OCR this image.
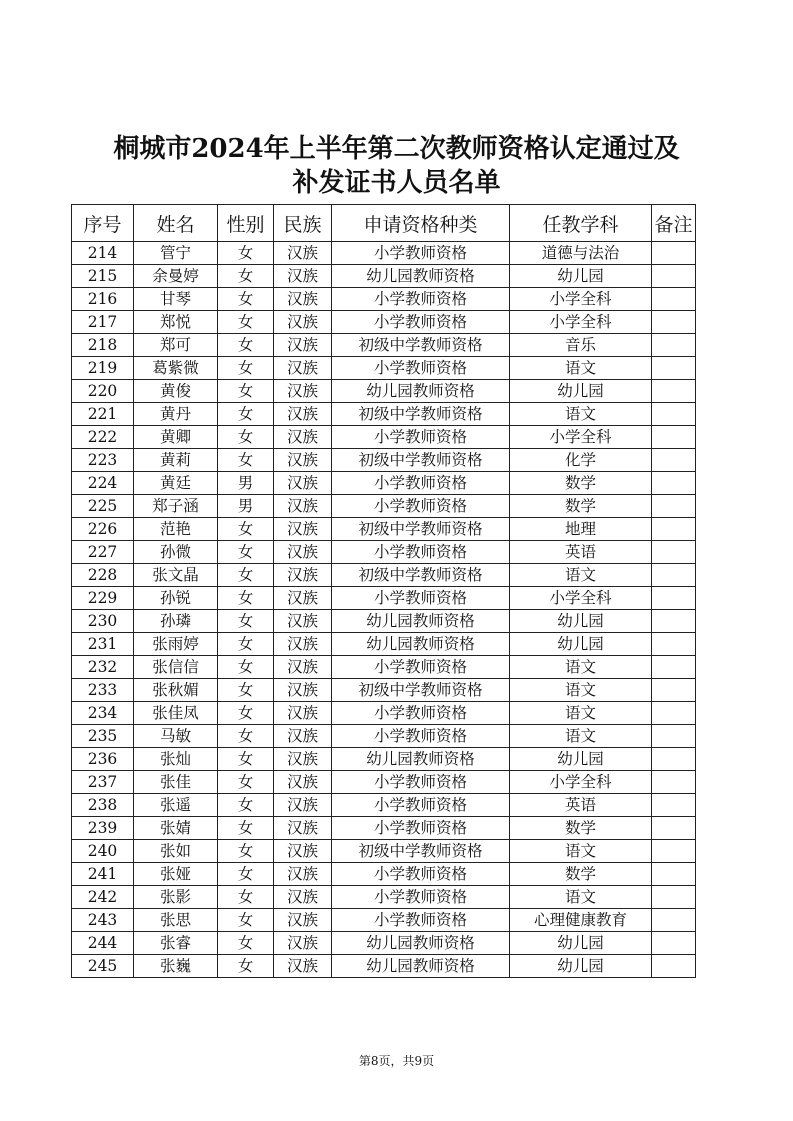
桐城市2024年上半年第二次教师资格认定通过及
补发证书人员名单
序号	姓名	性别	民族	申请资格种类	任教学科	备注
214	管宁	女	汉族	小学教师资格	道德与法治	
215	余曼婷	女	汉族	幼儿园教师资格	幼儿园	
216	甘琴	女	汉族	小学教师资格	小学全科	
217	郑悦	女	汉族	小学教师资格	小学全科	
218	郑可	女	汉族	初级中学教师资格	音乐	
219	葛紫微	女	汉族	小学教师资格	语文	
220	黄俊	女	汉族	幼儿园教师资格	幼儿园	
221	黄丹	女	汉族	初级中学教师资格	语文	
222	黄卿	女	汉族	小学教师资格	小学全科	
223	黄莉	女	汉族	初级中学教师资格	化学	
224	黄廷	男	汉族	小学教师资格	数学	
225	郑子涵	男	汉族	小学教师资格	数学	
226	范艳	女	汉族	初级中学教师资格	地理	
227	孙微	女	汉族	小学教师资格	英语	
228	张文晶	女	汉族	初级中学教师资格	语文	
229	孙锐	女	汉族	小学教师资格	小学全科	
230	孙璘	女	汉族	幼儿园教师资格	幼儿园	
231	张雨婷	女	汉族	幼儿园教师资格	幼儿园	
232	张信信	女	汉族	小学教师资格	语文	
233	张秋媚	女	汉族	初级中学教师资格	语文	
234	张佳凤	女	汉族	小学教师资格	语文	
235	马敏	女	汉族	小学教师资格	语文	
236	张灿	女	汉族	幼儿园教师资格	幼儿园	
237	张佳	女	汉族	小学教师资格	小学全科	
238	张遥	女	汉族	小学教师资格	英语	
239	张婧	女	汉族	小学教师资格	数学	
240	张如	女	汉族	初级中学教师资格	语文	
241	张娅	女	汉族	小学教师资格	数学	
242	张影	女	汉族	小学教师资格	语文	
243	张思	女	汉族	小学教师资格	心理健康教育	
244	张睿	女	汉族	幼儿园教师资格	幼儿园	
245	张巍	女	汉族	幼儿园教师资格	幼儿园	
第8页，共9页
